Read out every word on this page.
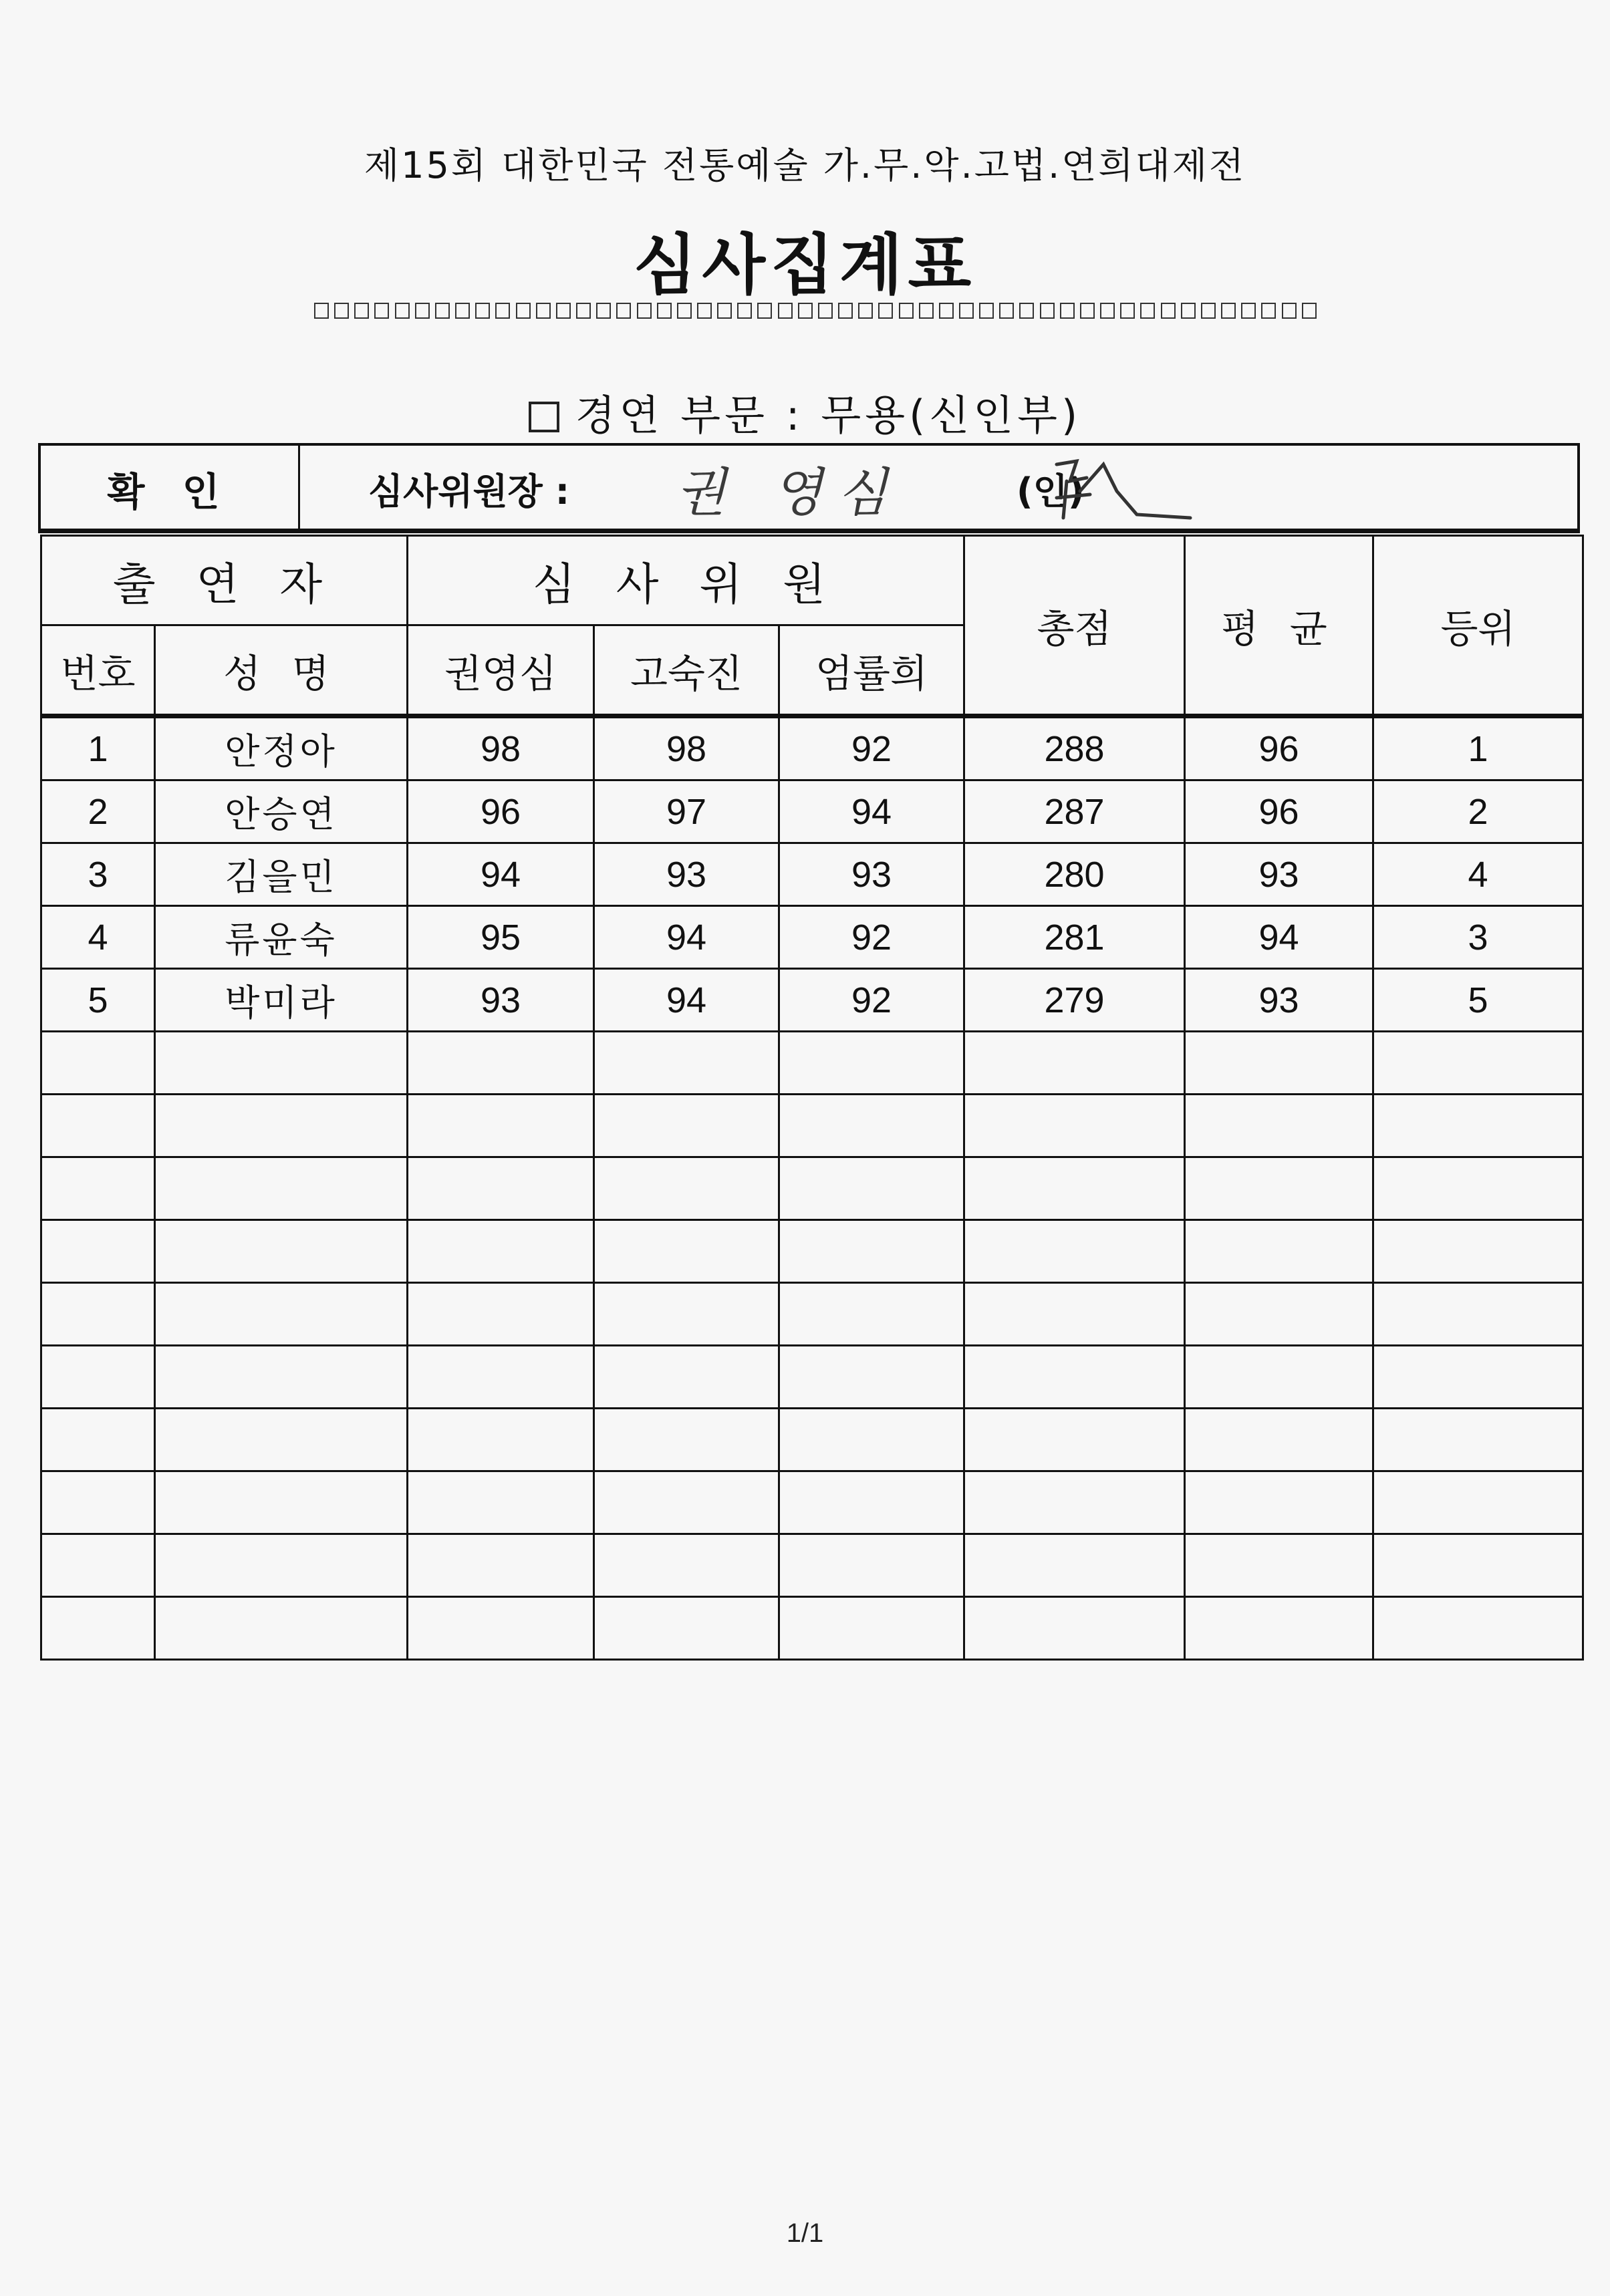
제15회 대한민국 전통예술 가.무.악.고법.연희대제전
심사집계표
경연 부문 : 무용(신인부)
확 인	심사위원장 : 권 영심	(인)
출 연 자		심 사 위 원			총점	평 균	등위
번호	성 명	권영심	고숙진	엄률희			
1	안정아	98	98	92	288	96	1
2	안승연	96	97	94	287	96	2
3	김을민	94	93	93	280	93	4
4	류윤숙	95	94	92	281	94	3
5	박미라	93	94	92	279	93	5

1/1
